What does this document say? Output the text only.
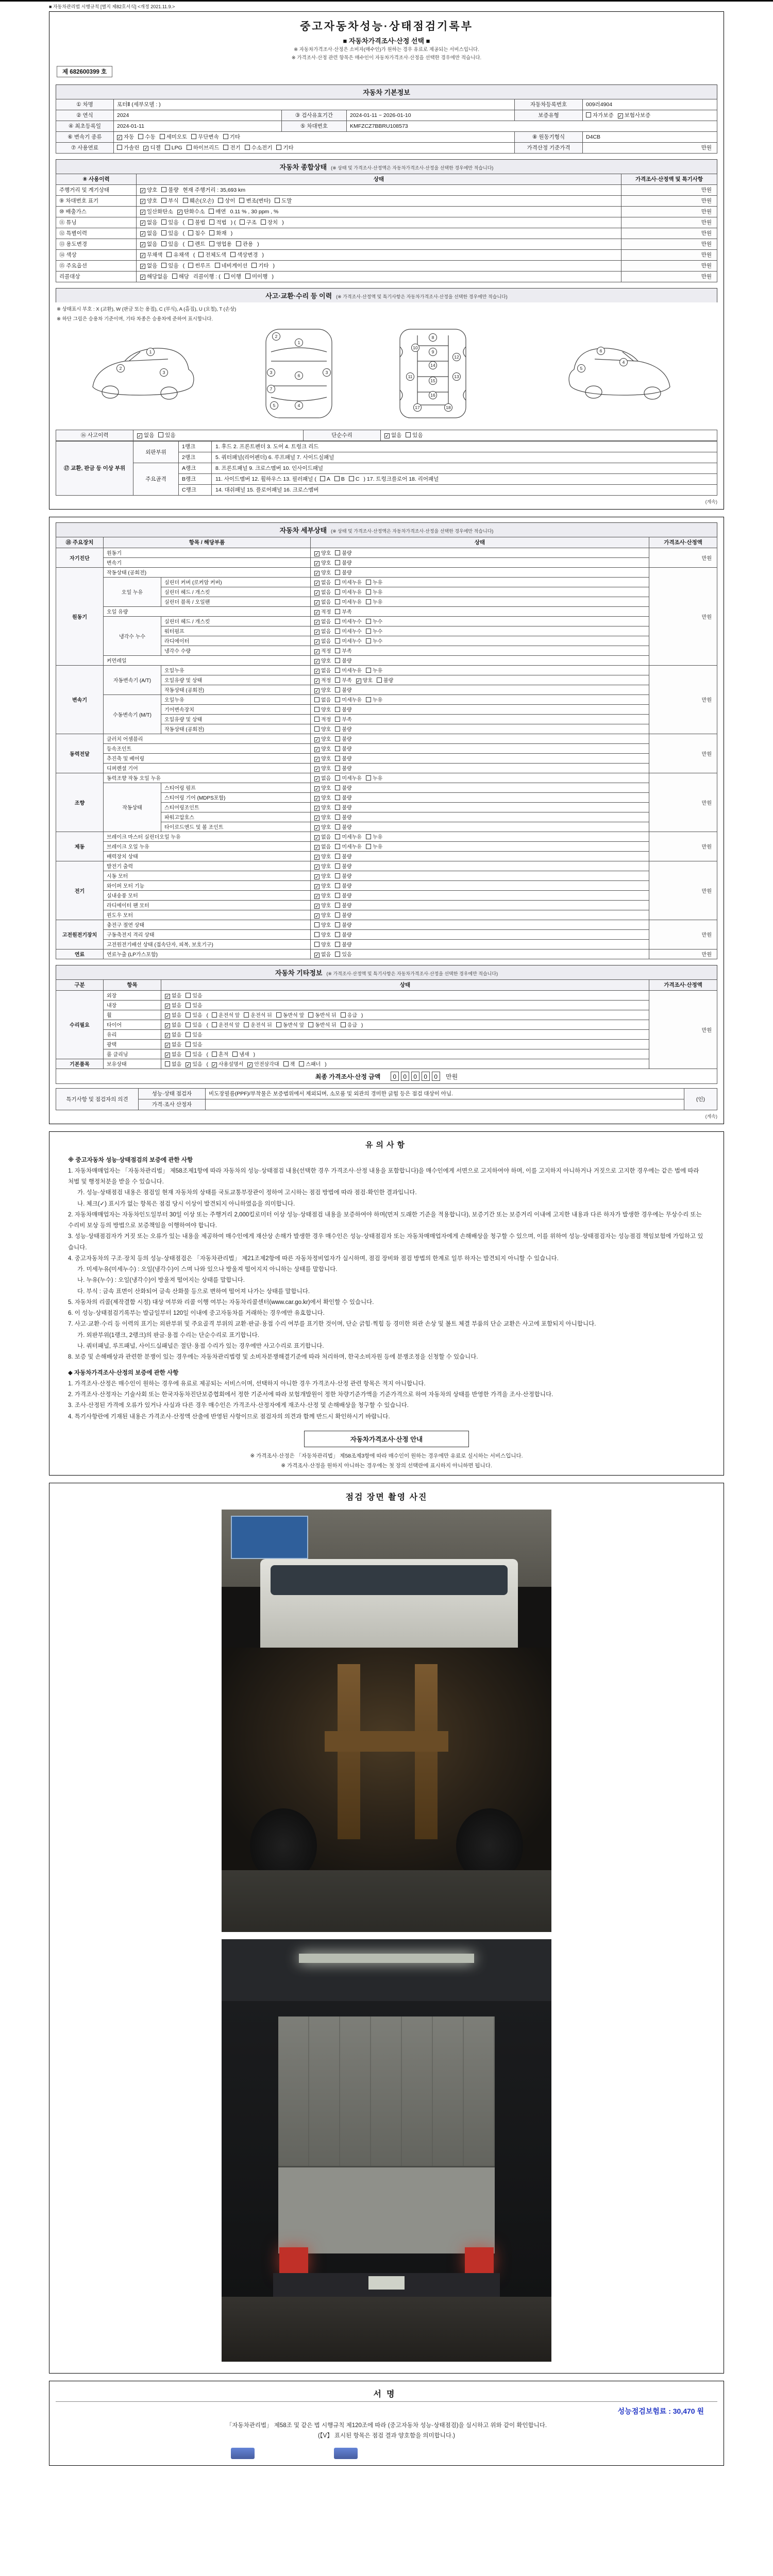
■ 자동차관리법 시행규칙 [별지 제82호서식] <개정 2021.11.9.>
중고자동차성능·상태점검기록부
■ 자동차가격조사·산정 선택 ■
※ 자동차가격조사·산정은 소비자(매수인)가 원하는 경우 유료로 제공되는 서비스입니다.
※ 가격조사·산정 관련 항목은 매수인이 자동차가격조사·산정을 선택한 경우에만 적습니다.
제 682600399 호
자동차 기본정보
① 차명	포터Ⅱ (세부모델 : )			자동차등록번호	009러4904
② 연식	2024	③ 검사유효기간	2024-01-11 ~ 2026-01-10	보증유형	자가보증 ✓ 보험사보증
④ 최초등록일	2024-01-11	⑤ 차대번호	KMFZCZ7BBRU108573		
⑥ 변속기 종류	✓ 자동 수동 세미오토 무단변속 기타			⑧ 원동기형식	D4CB
⑦ 사용연료	가솔린 ✓ 디젤 LPG 하이브리드 전기 수소전기 기타			가격산정 기준가격	만원
자동차 종합상태 (※ 상태 및 가격조사·산정액은 자동차가격조사·산정을 선택한 경우에만 적습니다)
⑧ 사용이력	상태	가격조사·산정액 및 특기사항
주행거리 및 계기상태	✓ 양호 불량 현재 주행거리 : 35,693 km	만원
⑨ 차대번호 표기	✓ 양호 부식 훼손(오손) 상이 변조(변타) 도말	만원
⑩ 배출가스	✓ 일산화탄소 ✓ 탄화수소 매연 0.11 % , 30 ppm , %	만원
⑪ 튜닝	✓ 없음 있음 ( 불법 적법 ) ( 구조 장치 )	만원
⑫ 특별이력	✓ 없음 있음 ( 침수 화재 )	만원
⑬ 용도변경	✓ 없음 있음 ( 렌트 영업용 관용 )	만원
⑭ 색상	✓ 무채색 유채색 ( 전체도색 색상변경 )	만원
⑮ 주요옵션	✓ 없음 있음 ( 썬루프 네비게이션 기타 )	만원
리콜대상	✓ 해당없음 해당 리콜이행 : ( 이행 미이행 )	만원
사고·교환·수리 등 이력 (※ 가격조사·산정액 및 특기사항은 자동차가격조사·산정을 선택한 경우에만 적습니다)
※ 상태표시 부호 : X (교환), W (판금 또는 용접), C (부식), A (흠집), U (요철), T (손상)
※ 하단 그림은 승용차 기준이며, 기타 차종은 승용차에 준하여 표시합니다.
1
2
3
2
1
3	3
6
7
5	4
8
10
9
12
14
11	13
15
16
17	18
6
5
4
⑯ 사고이력	✓ 없음 있음	단순수리	✓ 없음 있음
⑰ 교환, 판금 등 이상 부위	외판부위	1랭크	1. 후드 2. 프론트펜더 3. 도어 4. 트렁크 리드
		2랭크	5. 쿼터패널(리어펜더) 6. 루프패널 7. 사이드실패널
	주요골격	A랭크	8. 프론트패널 9. 크로스멤버 10. 인사이드패널
		B랭크	11. 사이드멤버 12. 휠하우스 13. 필러패널 ( A B C ) 17. 트렁크플로어 18. 리어패널
		C랭크	14. 대쉬패널 15. 플로어패널 16. 크로스멤버
(계속)
자동차 세부상태 (※ 상태 및 가격조사·산정액은 자동차가격조사·산정을 선택한 경우에만 적습니다)
⑱ 주요장치	항목 / 해당부품		상태	가격조사·산정액
자기진단	원동기		✓ 양호 불량	만원
	변속기		✓ 양호 불량	
원동기	작동상태 (공회전)		✓ 양호 불량	만원
	오일 누유	실린더 커버 (로커암 커버)	✓ 없음 미세누유 누유	
		실린더 헤드 / 개스킷	✓ 없음 미세누유 누유	
		실린더 블록 / 오일팬	✓ 없음 미세누유 누유	
	오일 유량		✓ 적정 부족	
	냉각수 누수	실린더 헤드 / 개스킷	✓ 없음 미세누수 누수	
		워터펌프	✓ 없음 미세누수 누수	
		라디에이터	✓ 없음 미세누수 누수	
		냉각수 수량	✓ 적정 부족	
	커먼레일		✓ 양호 불량	
변속기	자동변속기 (A/T)	오일누유	✓ 없음 미세누유 누유	만원
		오일유량 및 상태	✓ 적정 부족 ✓ 양호 불량	
		작동상태 (공회전)	✓ 양호 불량	
	수동변속기 (M/T)	오일누유	없음 미세누유 누유	
		기어변속장치	양호 불량	
		오일유량 및 상태	적정 부족	
		작동상태 (공회전)	양호 불량	
동력전달	클러치 어셈블리		✓ 양호 불량	만원
	등속조인트		✓ 양호 불량	
	추진축 및 베어링		✓ 양호 불량	
	디퍼렌셜 기어		✓ 양호 불량	
조향	동력조향 작동 오일 누유		✓ 없음 미세누유 누유	만원
	작동상태	스티어링 펌프	✓ 양호 불량	
		스티어링 기어 (MDPS포함)	✓ 양호 불량	
		스티어링조인트	✓ 양호 불량	
		파워고압호스	✓ 양호 불량	
		타이로드엔드 및 볼 조인트	✓ 양호 불량	
제동	브레이크 마스터 실린더오일 누유		✓ 없음 미세누유 누유	만원
	브레이크 오일 누유		✓ 없음 미세누유 누유	
	배력장치 상태		✓ 양호 불량	
전기	발전기 출력		✓ 양호 불량	만원
	시동 모터		✓ 양호 불량	
	와이퍼 모터 기능		✓ 양호 불량	
	실내송풍 모터		✓ 양호 불량	
	라디에이터 팬 모터		✓ 양호 불량	
	윈도우 모터		✓ 양호 불량	
고전원전기장치	충전구 절연 상태		양호 불량	만원
	구동축전지 격리 상태		양호 불량	
	고전원전기배선 상태 (접속단자, 피복, 보호기구)		양호 불량	
연료	연료누출 (LP가스포함)		✓ 없음 있음	만원
자동차 기타정보 (※ 가격조사·산정액 및 특기사항은 자동차가격조사·산정을 선택한 경우에만 적습니다)
구분	항목	상태	가격조사·산정액
수리필요	외장	✓ 없음 있음	만원
	내장	✓ 없음 있음	
	휠	✓ 없음 있음 ( 운전석 앞 운전석 뒤 동반석 앞 동반석 뒤 응급 )	
	타이어	✓ 없음 있음 ( 운전석 앞 운전석 뒤 동반석 앞 동반석 뒤 응급 )	
	유리	✓ 없음 있음	
	광택	✓ 없음 있음	
	룸 클리닝	✓ 없음 있음 ( 흔적 냄새 )	
기본품목	보유상태	없음 ✓ 있음 ( ✓ 사용설명서 ✓ 안전삼각대 잭 스패너 )	
최종 가격조사·산정 금액 0 0 0 0 0 만원
특기사항 및 점검자의 의견	성능·상태 점검자	비도장필름(PPF)/부착물은 보증범위에서 제외되며, 소모품 및 외관의 경미한 긁힘 등은 점검 대상이 아님.	(인)
	가격·조사 산정자		
(계속)
유의사항
※ 중고자동차 성능·상태점검의 보증에 관한 사항
1. 자동차매매업자는 「자동차관리법」 제58조제1항에 따라 자동차의 성능·상태점검 내용(선택한 경우 가격조사·산정 내용을 포함합니다)을 매수인에게 서면으로 고지하여야 하며, 이를 고지하지 아니하거나 거짓으로 고지한 경우에는 같은 법에 따라 처벌 및 행정처분을 받을 수 있습니다.
가. 성능·상태점검 내용은 점검일 현재 자동차의 상태를 국토교통부장관이 정하여 고시하는 점검 방법에 따라 점검·확인한 결과입니다.
나. 체크(✓) 표시가 없는 항목은 점검 당시 이상이 발견되지 아니하였음을 의미합니다.
2. 자동차매매업자는 자동차인도일부터 30일 이상 또는 주행거리 2,000킬로미터 이상 성능·상태점검 내용을 보증하여야 하며(먼저 도래한 기준을 적용합니다), 보증기간 또는 보증거리 이내에 고지한 내용과 다른 하자가 발생한 경우에는 무상수리 또는 수리비 보상 등의 방법으로 보증책임을 이행하여야 합니다.
3. 성능·상태점검자가 거짓 또는 오류가 있는 내용을 제공하여 매수인에게 재산상 손해가 발생한 경우 매수인은 성능·상태점검자 또는 자동차매매업자에게 손해배상을 청구할 수 있으며, 이를 위하여 성능·상태점검자는 성능점검 책임보험에 가입하고 있습니다.
4. 중고자동차의 구조·장치 등의 성능·상태점검은 「자동차관리법」 제21조제2항에 따른 자동차정비업자가 실시하며, 점검 장비와 점검 방법의 한계로 일부 하자는 발견되지 아니할 수 있습니다.
가. 미세누유(미세누수) : 오일(냉각수)이 스며 나와 있으나 방울져 떨어지지 아니하는 상태를 말합니다.
나. 누유(누수) : 오일(냉각수)이 방울져 떨어지는 상태를 말합니다.
다. 부식 : 금속 표면이 산화되어 금속 산화물 등으로 변하여 떨어져 나가는 상태를 말합니다.
5. 자동차의 리콜(제작결함 시정) 대상 여부와 리콜 이행 여부는 자동차리콜센터(www.car.go.kr)에서 확인할 수 있습니다.
6. 이 성능·상태점검기록부는 발급일부터 120일 이내에 중고자동차를 거래하는 경우에만 유효합니다.
7. 사고·교환·수리 등 이력의 표기는 외판부위 및 주요골격 부위의 교환·판금·용접 수리 여부를 표기한 것이며, 단순 긁힘·찍힘 등 경미한 외관 손상 및 볼트 체결 부품의 단순 교환은 사고에 포함되지 아니합니다.
가. 외판부위(1랭크, 2랭크)의 판금·용접 수리는 단순수리로 표기합니다.
나. 쿼터패널, 루프패널, 사이드실패널은 절단·용접 수리가 있는 경우에만 사고수리로 표기합니다.
8. 보증 및 손해배상과 관련한 분쟁이 있는 경우에는 자동차관리법령 및 소비자분쟁해결기준에 따라 처리하며, 한국소비자원 등에 분쟁조정을 신청할 수 있습니다.
◆ 자동차가격조사·산정의 보증에 관한 사항
1. 가격조사·산정은 매수인이 원하는 경우에 유료로 제공되는 서비스이며, 선택하지 아니한 경우 가격조사·산정 관련 항목은 적지 아니합니다.
2. 가격조사·산정자는 기술사회 또는 한국자동차진단보증협회에서 정한 기준서에 따라 보험개발원이 정한 차량기준가액을 기준가격으로 하여 자동차의 상태를 반영한 가격을 조사·산정합니다.
3. 조사·산정된 가격에 오류가 있거나 사실과 다른 경우 매수인은 가격조사·산정자에게 재조사·산정 및 손해배상을 청구할 수 있습니다.
4. 특기사항란에 기재된 내용은 가격조사·산정액 산출에 반영된 사항이므로 점검자의 의견과 함께 반드시 확인하시기 바랍니다.
자동차가격조사·산정 안내
※ 가격조사·산정은 「자동차관리법」 제58조제3항에 따라 매수인이 원하는 경우에만 유료로 실시하는 서비스입니다.
※ 가격조사·산정을 원하지 아니하는 경우에는 첫 장의 선택란에 표시하지 아니하면 됩니다.
점검 장면 촬영 사진
서명
성능점검보험료 : 30,470 원
「자동차관리법」 제58조 및 같은 법 시행규칙 제120조에 따라 (중고자동차 성능·상태점검)을 실시하고 위와 같이 확인합니다.
(【V】 표시된 항목은 점검 결과 양호함을 의미합니다.)
